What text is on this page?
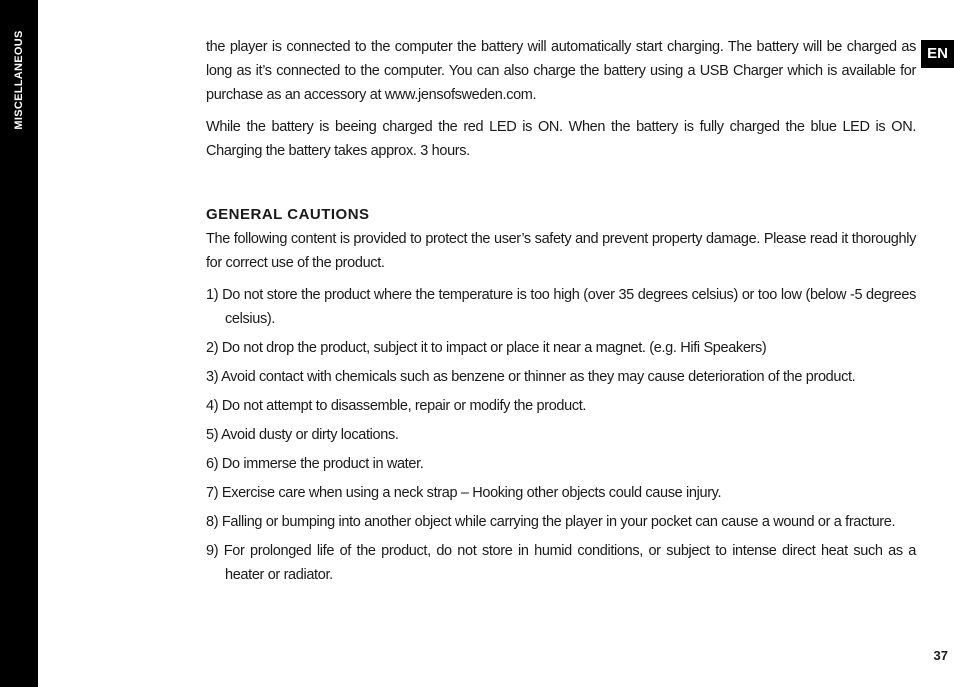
MISCELLANEOUS	EN

the player is connected to the computer the battery will automatically start charging. The battery will be charged as long as it’s connected to the computer. You can also charge the battery using a USB Charger which is available for purchase as an accessory at www.jensofsweden.com.

While the battery is beeing charged the red LED is ON. When the battery is fully charged the blue LED is ON. Charging the battery takes approx. 3 hours.

GENERAL CAUTIONS

The following content is provided to protect the user’s safety and prevent property damage. Please read it thoroughly for correct use of the product.

1) Do not store the product where the temperature is too high (over 35 degrees celsius) or too low (below -5 degrees celsius).
2) Do not drop the product, subject it to impact or place it near a magnet. (e.g. Hifi Speakers)
3) Avoid contact with chemicals such as benzene or thinner as they may cause deterioration of the product.
4) Do not attempt to disassemble, repair or modify the product.
5) Avoid dusty or dirty locations.
6) Do immerse the product in water.
7) Exercise care when using a neck strap – Hooking other objects could cause injury.
8) Falling or bumping into another object while carrying the player in your pocket can cause a wound or a fracture.
9) For prolonged life of the product, do not store in humid conditions, or subject to intense direct heat such as a heater or radiator.
37
